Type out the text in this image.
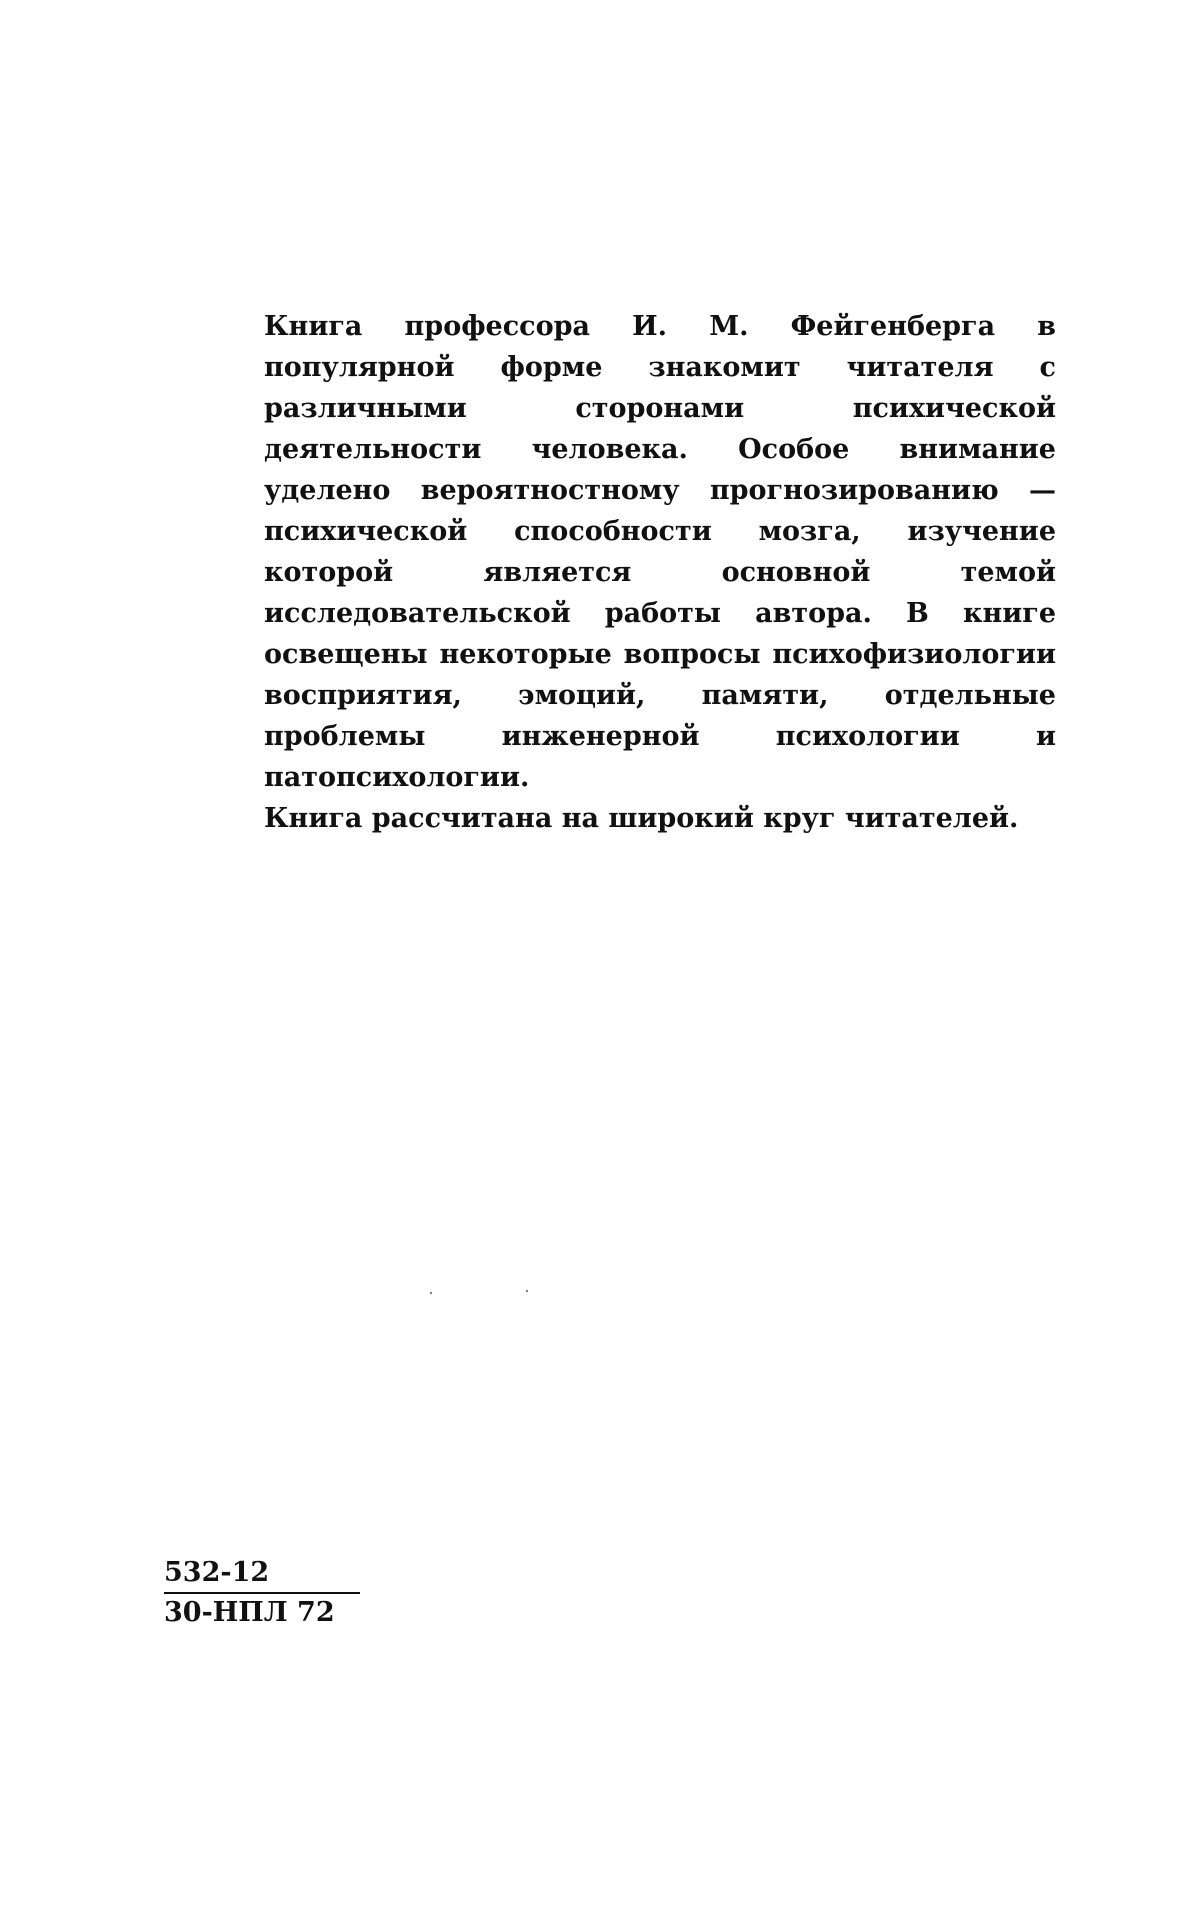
Книга профессора И. М. Фейгенберга в популярной форме знакомит читателя с различными сторонами психической деятельности человека. Особое внимание уделено вероятностному прогнозированию — психической способности мозга, изучение которой является основной темой исследовательской работы автора. В книге освещены некоторые вопросы психофизиологии восприятия, эмоций, памяти, отдельные проблемы инженерной психологии и патопсихологии.

Книга рассчитана на широкий круг читателей.

532-12
30-НПЛ 72
